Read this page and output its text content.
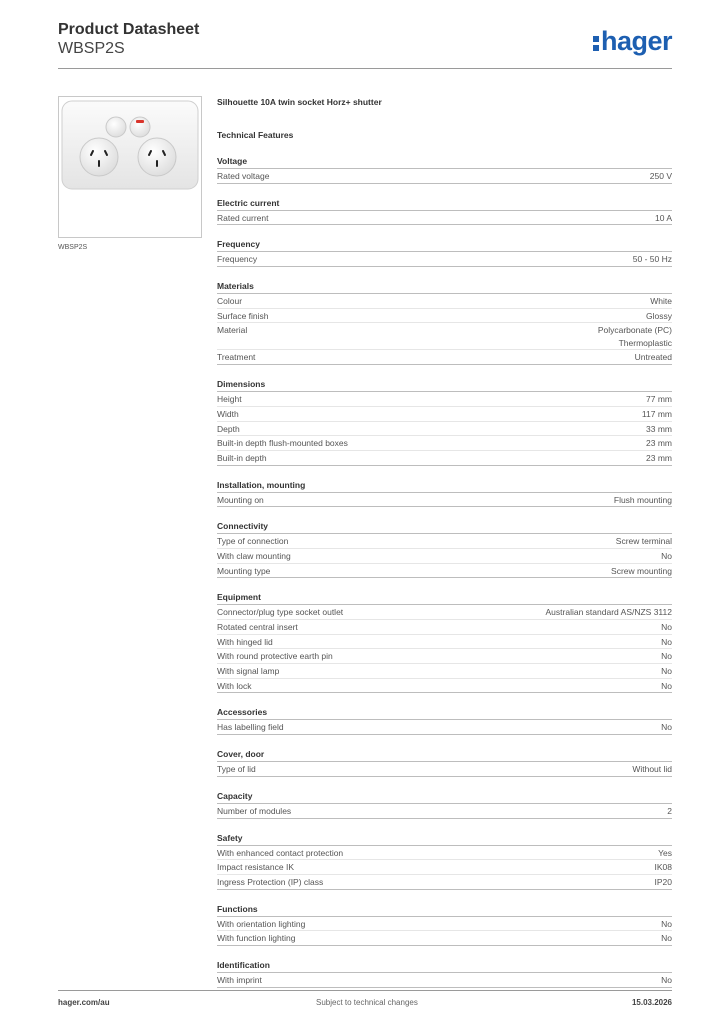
Product Datasheet
WBSP2S	hager
WBSP2S
Silhouette 10A twin socket Horz+ shutter
Technical Features
Voltage
Rated voltage	250 V
Electric current
Rated current	10 A
Frequency
Frequency	50 - 50 Hz
Materials
Colour	White
Surface finish	Glossy
Material	Polycarbonate (PC)
Thermoplastic
Treatment	Untreated
Dimensions
Height	77 mm
Width	117 mm
Depth	33 mm
Built-in depth flush-mounted boxes	23 mm
Built-in depth	23 mm
Installation, mounting
Mounting on	Flush mounting
Connectivity
Type of connection	Screw terminal
With claw mounting	No
Mounting type	Screw mounting
Equipment
Connector/plug type socket outlet	Australian standard AS/NZS 3112
Rotated central insert	No
With hinged lid	No
With round protective earth pin	No
With signal lamp	No
With lock	No
Accessories
Has labelling field	No
Cover, door
Type of lid	Without lid
Capacity
Number of modules	2
Safety
With enhanced contact protection	Yes
Impact resistance IK	IK08
Ingress Protection (IP) class	IP20
Functions
With orientation lighting	No
With function lighting	No
Identification
With imprint	No
hager.com/au	Subject to technical changes	15.03.2026
